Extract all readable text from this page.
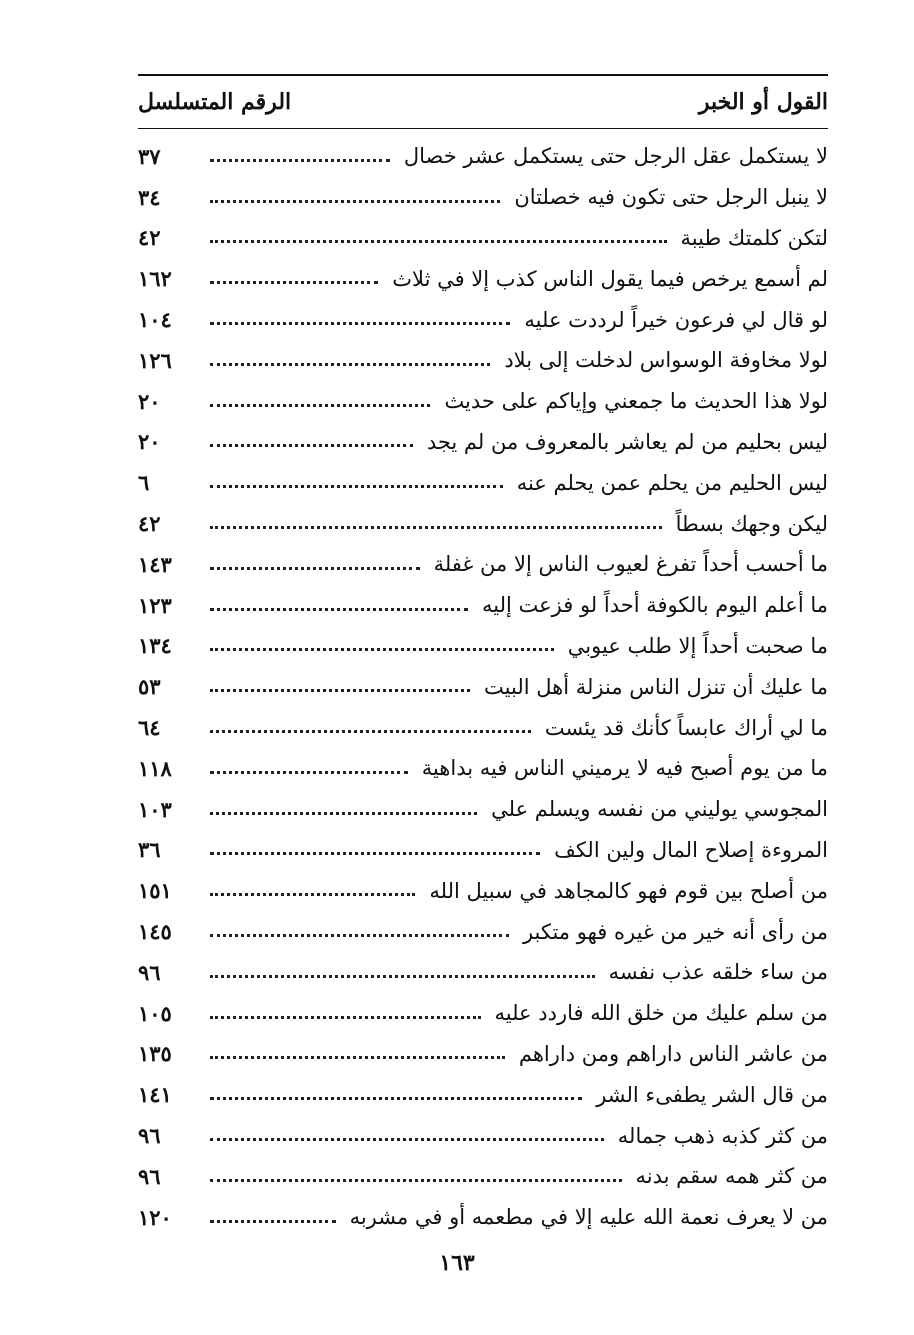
القول أو الخبر
الرقم المتسلسل
لا يستكمل عقل الرجل حتى يستكمل عشر خصال
٣٧
لا ينبل الرجل حتى تكون فيه خصلتان
٣٤
لتكن كلمتك طيبة
٤٢
لم أسمع يرخص فيما يقول الناس كذب إلا في ثلاث
١٦٢
لو قال لي فرعون خيراً لرددت عليه
١٠٤
لولا مخاوفة الوسواس لدخلت إلى بلاد
١٢٦
لولا هذا الحديث ما جمعني وإياكم على حديث
٢٠
ليس بحليم من لم يعاشر بالمعروف من لم يجد
٢٠
ليس الحليم من يحلم عمن يحلم عنه
٦
ليكن وجهك بسطاً
٤٢
ما أحسب أحداً تفرغ لعيوب الناس إلا من غفلة
١٤٣
ما أعلم اليوم بالكوفة أحداً لو فزعت إليه
١٢٣
ما صحبت أحداً إلا طلب عيوبي
١٣٤
ما عليك أن تنزل الناس منزلة أهل البيت
٥٣
ما لي أراك عابساً كأنك قد يئست
٦٤
ما من يوم أصبح فيه لا يرميني الناس فيه بداهية
١١٨
المجوسي يوليني من نفسه ويسلم علي
١٠٣
المروءة إصلاح المال ولين الكف
٣٦
من أصلح بين قوم فهو كالمجاهد في سبيل الله
١٥١
من رأى أنه خير من غيره فهو متكبر
١٤٥
من ساء خلقه عذب نفسه
٩٦
من سلم عليك من خلق الله فاردد عليه
١٠٥
من عاشر الناس داراهم ومن داراهم
١٣٥
من قال الشر يطفىء الشر
١٤١
من كثر كذبه ذهب جماله
٩٦
من كثر همه سقم بدنه
٩٦
من لا يعرف نعمة الله عليه إلا في مطعمه أو في مشربه
١٢٠
١٦٣
